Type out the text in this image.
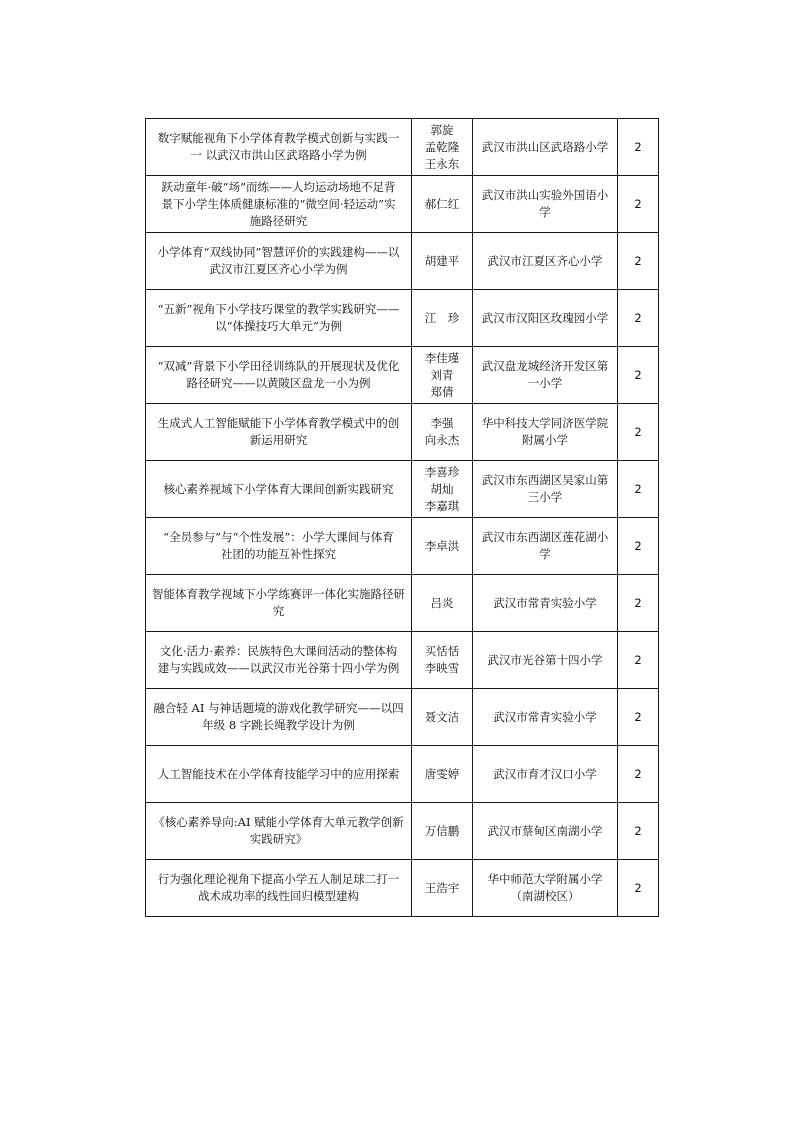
数字赋能视角下小学体育教学模式创新与实践一
一 以武汉市洪山区武珞路小学为例	郭旋
孟乾隆
王永东	武汉市洪山区武珞路小学	2

跃动童年·破“场”而练——人均运动场地不足背
景下小学生体质健康标准的“微空间·轻运动”实
施路径研究	郝仁红	武汉市洪山实验外国语小
学	2

小学体育“双线协同”智慧评价的实践建构——以
武汉市江夏区齐心小学为例	胡建平	武汉市江夏区齐心小学	2

“五新”视角下小学技巧课堂的教学实践研究——
以“体操技巧大单元”为例	江　珍	武汉市汉阳区玫瑰园小学	2

“双减”背景下小学田径训练队的开展现状及优化
路径研究——以黄陂区盘龙一小为例	李佳瑾
刘青
郑倩	武汉盘龙城经济开发区第
一小学	2

生成式人工智能赋能下小学体育教学模式中的创
新运用研究	李强
向永杰	华中科技大学同济医学院
附属小学	2

核心素养视域下小学体育大课间创新实践研究	李喜珍
胡灿
李嘉琪	武汉市东西湖区吴家山第
三小学	2

“全员参与”与“个性发展”：小学大课间与体育
社团的功能互补性探究	李卓洪	武汉市东西湖区莲花湖小
学	2

智能体育教学视域下小学练赛评一体化实施路径研
究	吕炎	武汉市常青实验小学	2

文化·活力·素养：民族特色大课间活动的整体构
建与实践成效——以武汉市光谷第十四小学为例	买恬恬
李映雪	武汉市光谷第十四小学	2

融合轻 AI 与神话题境的游戏化教学研究——以四
年级 8 字跳长绳教学设计为例	聂文洁	武汉市常青实验小学	2

人工智能技术在小学体育技能学习中的应用探索	唐雯婷	武汉市育才汉口小学	2

《核心素养导向:AI 赋能小学体育大单元教学创新
实践研究》	万信鹏	武汉市蔡甸区南湖小学	2

行为强化理论视角下提高小学五人制足球二打一
战术成功率的线性回归模型建构	王浩宇	华中师范大学附属小学
（南湖校区）	2
